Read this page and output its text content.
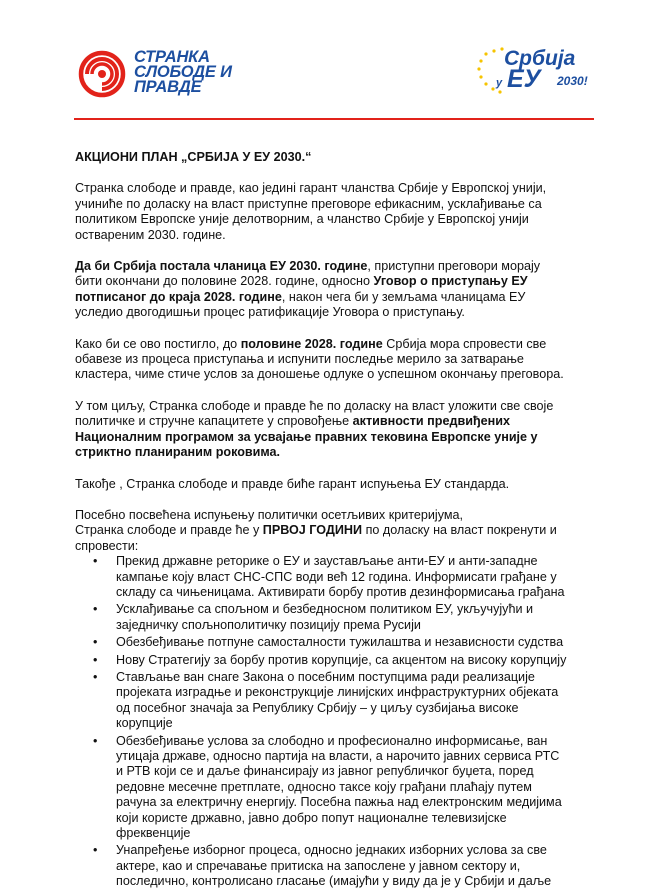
СТРАНКА
СЛОБОДЕ И
ПРАВДЕ
Србија
у ЕУ 2030!
АКЦИОНИ ПЛАН „СРБИЈА У ЕУ 2030.“

Странка слободе и правде, као јединi гарант чланства Србије у Европској унији, учиниће по доласку на власт приступне преговоре ефикасним, усклађивање са политиком Европске уније делотворним, а чланство Србије у Европској унији оствареним 2030. године.

Да би Србија постала чланица ЕУ 2030. године, приступни преговори морају бити окончани до половине 2028. године, односно Уговор о приступању ЕУ потписаног до краја 2028. године, након чега би у земљама чланицама ЕУ уследио двогодишњи процес ратификације Уговора о приступању.

Како би се ово постигло, до половине 2028. године Србија мора спровести све обавезе из процеса приступања и испунити последње мерило за затварање кластера, чиме стиче услов за доношење одлуке о успешном окончању преговора.

У том циљу, Странка слободе и правде ће по доласку на власт уложити све своје политичке и стручне капацитете у спровођење активности предвиђених Националним програмом за усвајање правних тековина Европске уније у стриктно планираним роковима.

Такође , Странка слободе и правде биће гарант испуњења ЕУ стандарда.

Посебно посвећена испуњењу политички осетљивих критеријума,
Странка слободе и правде ће у ПРВОЈ ГОДИНИ по доласку на власт покренути и спровести:

• Прекид државне реторике о ЕУ и заустављање анти-ЕУ и анти-западне кампање коју власт СНС-СПС води већ 12 година. Информисати грађане у складу са чињеницама. Активирати борбу против дезинформисања грађана
• Усклађивање са спољном и безбедносном политиком ЕУ, укључујући и заједничку спољнополитичку позицију према Русији
• Обезбеђивање потпуне самосталности тужилаштва и независности судства
• Нову Стратегију за борбу против корупције, са акцентом на високу корупцију
• Стављање ван снаге Закона о посебним поступцима ради реализације пројеката изградње и реконструкције линијских инфраструктурних објеката од посебног значаја за Републику Србију – у циљу сузбијања високе корупције
• Обезбеђивање услова за слободно и професионално информисање, ван утицаја државе, односно партија на власти, а нарочито јавних сервиса РТС и РТВ који се и даље финансирају из јавног републичког буџета, поред редовне месечне претплате, односно таксе коју грађани плаћају путем рачуна за електричну енергију. Посебна пажња над електронским медијима који користе државно, јавно добро попут националне телевизијске фреквенције
• Унапређење изборног процеса, односно једнаких изборних услова за све актере, као и спречавање притиска на запослене у јавном сектору и, последично, контролисано гласање (имајући у виду да је у Србији и даље
